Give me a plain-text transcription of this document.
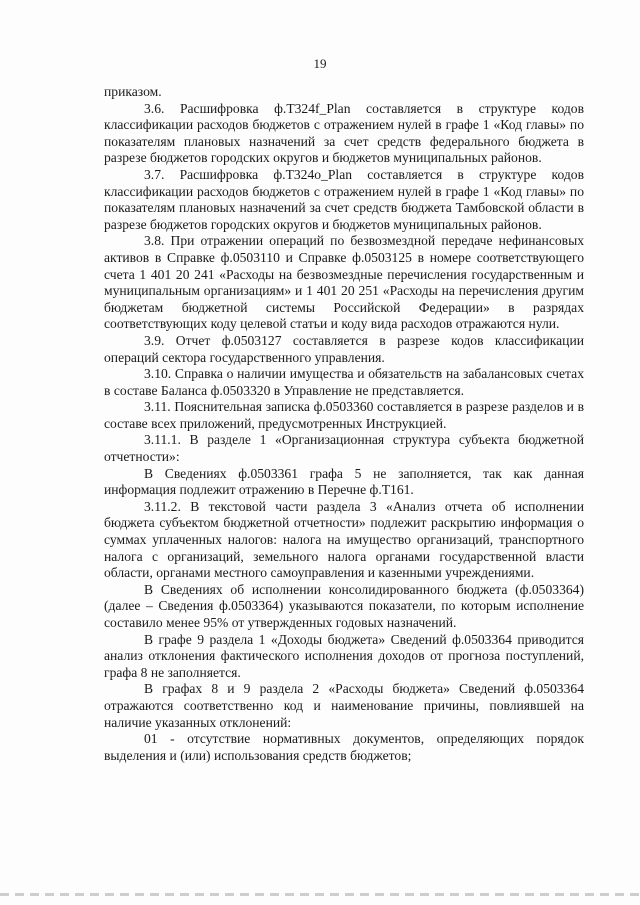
19

приказом.

3.6. Расшифровка ф.Т324f_Plan составляется в структуре кодов классификации расходов бюджетов с отражением нулей в графе 1 «Код главы» по показателям плановых назначений за счет средств федерального бюджета в разрезе бюджетов городских округов и бюджетов муниципальных районов.

3.7. Расшифровка ф.Т324o_Plan составляется в структуре кодов классификации расходов бюджетов с отражением нулей в графе 1 «Код главы» по показателям плановых назначений за счет средств бюджета Тамбовской области в разрезе бюджетов городских округов и бюджетов муниципальных районов.

3.8. При отражении операций по безвозмездной передаче нефинансовых активов в Справке ф.0503110 и Справке ф.0503125 в номере соответствующего счета 1 401 20 241 «Расходы на безвозмездные перечисления государственным и муниципальным организациям» и 1 401 20 251 «Расходы на перечисления другим бюджетам бюджетной системы Российской Федерации» в разрядах соответствующих коду целевой статьи и коду вида расходов отражаются нули.

3.9. Отчет ф.0503127 составляется в разрезе кодов классификации операций сектора государственного управления.

3.10. Справка о наличии имущества и обязательств на забалансовых счетах в составе Баланса ф.0503320 в Управление не представляется.

3.11. Пояснительная записка ф.0503360 составляется в разрезе разделов и в составе всех приложений, предусмотренных Инструкцией.

3.11.1. В разделе 1 «Организационная структура субъекта бюджетной отчетности»:

В Сведениях ф.0503361 графа 5 не заполняется, так как данная информация подлежит отражению в Перечне ф.Т161.

3.11.2. В текстовой части раздела 3 «Анализ отчета об исполнении бюджета субъектом бюджетной отчетности» подлежит раскрытию информация о суммах уплаченных налогов: налога на имущество организаций, транспортного налога с организаций, земельного налога органами государственной власти области, органами местного самоуправления и казенными учреждениями.

В Сведениях об исполнении консолидированного бюджета (ф.0503364) (далее – Сведения ф.0503364) указываются показатели, по которым исполнение составило менее 95% от утвержденных годовых назначений.

В графе 9 раздела 1 «Доходы бюджета» Сведений ф.0503364 приводится анализ отклонения фактического исполнения доходов от прогноза поступлений, графа 8 не заполняется.

В графах 8 и 9 раздела 2 «Расходы бюджета» Сведений ф.0503364 отражаются соответственно код и наименование причины, повлиявшей на наличие указанных отклонений:

01 - отсутствие нормативных документов, определяющих порядок выделения и (или) использования средств бюджетов;
